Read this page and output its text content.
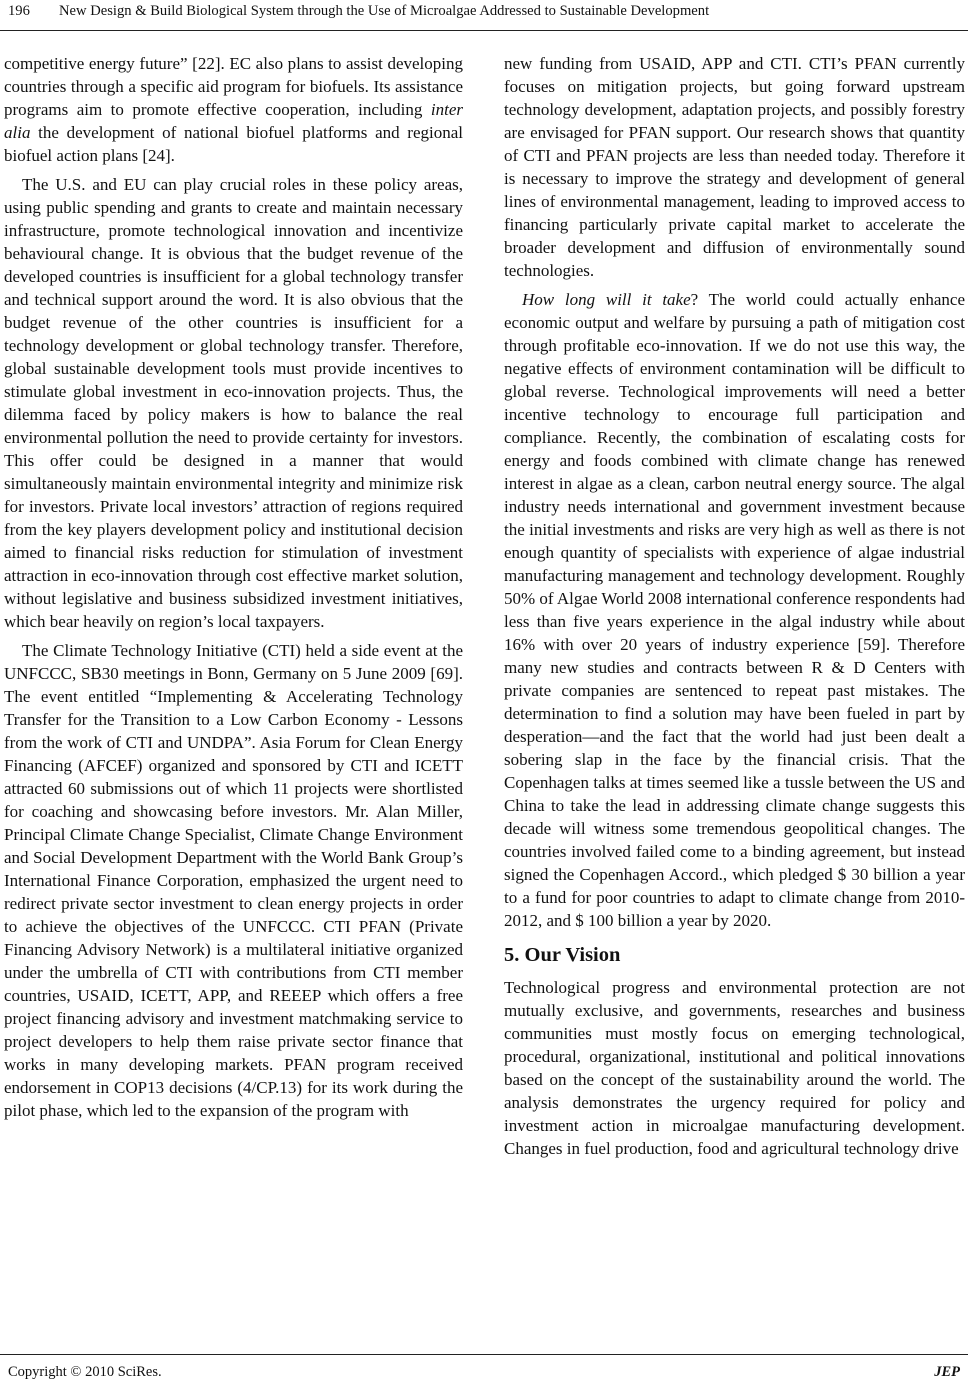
196 New Design & Build Biological System through the Use of Microalgae Addressed to Sustainable Development

competitive energy future” [22]. EC also plans to assist developing countries through a specific aid program for biofuels. Its assistance programs aim to promote effective cooperation, including inter alia the development of national biofuel platforms and regional biofuel action plans [24].

The U.S. and EU can play crucial roles in these policy areas, using public spending and grants to create and maintain necessary infrastructure, promote technological innovation and incentivize behavioural change. It is obvious that the budget revenue of the developed countries is insufficient for a global technology transfer and technical support around the word. It is also obvious that the budget revenue of the other countries is insufficient for a technology development or global technology transfer. Therefore, global sustainable development tools must provide incentives to stimulate global investment in eco-innovation projects. Thus, the dilemma faced by policy makers is how to balance the real environmental pollution the need to provide certainty for investors. This offer could be designed in a manner that would simultaneously maintain environmental integrity and minimize risk for investors. Private local investors’ attraction of regions required from the key players development policy and institutional decision aimed to financial risks reduction for stimulation of investment attraction in eco-innovation through cost effective market solution, without legislative and business subsidized investment initiatives, which bear heavily on region’s local taxpayers.

The Climate Technology Initiative (CTI) held a side event at the UNFCCC, SB30 meetings in Bonn, Germany on 5 June 2009 [69]. The event entitled “Implementing & Accelerating Technology Transfer for the Transition to a Low Carbon Economy - Lessons from the work of CTI and UNDPA”. Asia Forum for Clean Energy Financing (AFCEF) organized and sponsored by CTI and ICETT attracted 60 submissions out of which 11 projects were shortlisted for coaching and showcasing before investors. Mr. Alan Miller, Principal Climate Change Specialist, Climate Change Environment and Social Development Department with the World Bank Group’s International Finance Corporation, emphasized the urgent need to redirect private sector investment to clean energy projects in order to achieve the objectives of the UNFCCC. CTI PFAN (Private Financing Advisory Network) is a multilateral initiative organized under the umbrella of CTI with contributions from CTI member countries, USAID, ICETT, APP, and REEEP which offers a free project financing advisory and investment matchmaking service to project developers to help them raise private sector finance that works in many developing markets. PFAN program received endorsement in COP13 decisions (4/CP.13) for its work during the pilot phase, which led to the expansion of the program with

new funding from USAID, APP and CTI. CTI’s PFAN currently focuses on mitigation projects, but going forward upstream technology development, adaptation projects, and possibly forestry are envisaged for PFAN support. Our research shows that quantity of CTI and PFAN projects are less than needed today. Therefore it is necessary to improve the strategy and development of general lines of environmental management, leading to improved access to financing particularly private capital market to accelerate the broader development and diffusion of environmentally sound technologies.

How long will it take? The world could actually enhance economic output and welfare by pursuing a path of mitigation cost through profitable eco-innovation. If we do not use this way, the negative effects of environment contamination will be difficult to global reverse. Technological improvements will need a better incentive technology to encourage full participation and compliance. Recently, the combination of escalating costs for energy and foods combined with climate change has renewed interest in algae as a clean, carbon neutral energy source. The algal industry needs international and government investment because the initial investments and risks are very high as well as there is not enough quantity of specialists with experience of algae industrial manufacturing management and technology development. Roughly 50% of Algae World 2008 international conference respondents had less than five years experience in the algal industry while about 16% with over 20 years of industry experience [59]. Therefore many new studies and contracts between R & D Centers with private companies are sentenced to repeat past mistakes. The determination to find a solution may have been fueled in part by desperation—and the fact that the world had just been dealt a sobering slap in the face by the financial crisis. That the Copenhagen talks at times seemed like a tussle between the US and China to take the lead in addressing climate change suggests this decade will witness some tremendous geopolitical changes. The countries involved failed come to a binding agreement, but instead signed the Copenhagen Accord., which pledged $ 30 billion a year to a fund for poor countries to adapt to climate change from 2010-2012, and $ 100 billion a year by 2020.

5. Our Vision

Technological progress and environmental protection are not mutually exclusive, and governments, researches and business communities must mostly focus on emerging technological, procedural, organizational, institutional and political innovations based on the concept of the sustainability around the world. The analysis demonstrates the urgency required for policy and investment action in microalgae manufacturing development. Changes in fuel production, food and agricultural technology drive

Copyright © 2010 SciRes.	JEP
